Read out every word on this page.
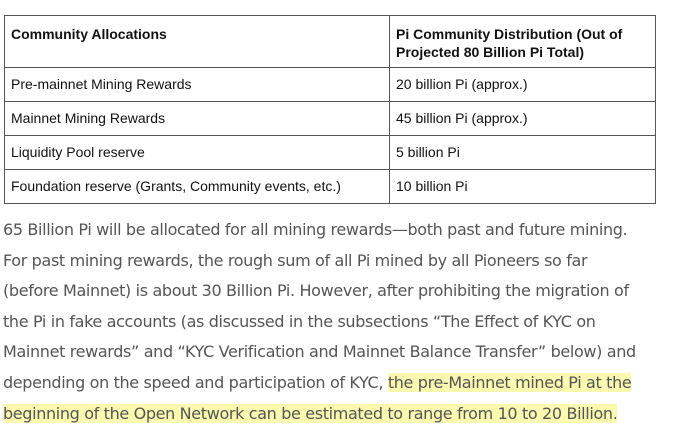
Community Allocations	Pi Community Distribution (Out of Projected 80 Billion Pi Total)
Pre-mainnet Mining Rewards	20 billion Pi (approx.)
Mainnet Mining Rewards	45 billion Pi (approx.)
Liquidity Pool reserve	5 billion Pi
Foundation reserve (Grants, Community events, etc.)	10 billion Pi
65 Billion Pi will be allocated for all mining rewards—both past and future mining.
For past mining rewards, the rough sum of all Pi mined by all Pioneers so far
(before Mainnet) is about 30 Billion Pi. However, after prohibiting the migration of
the Pi in fake accounts (as discussed in the subsections “The Effect of KYC on
Mainnet rewards” and “KYC Verification and Mainnet Balance Transfer” below) and
depending on the speed and participation of KYC, the pre-Mainnet mined Pi at the
beginning of the Open Network can be estimated to range from 10 to 20 Billion.
